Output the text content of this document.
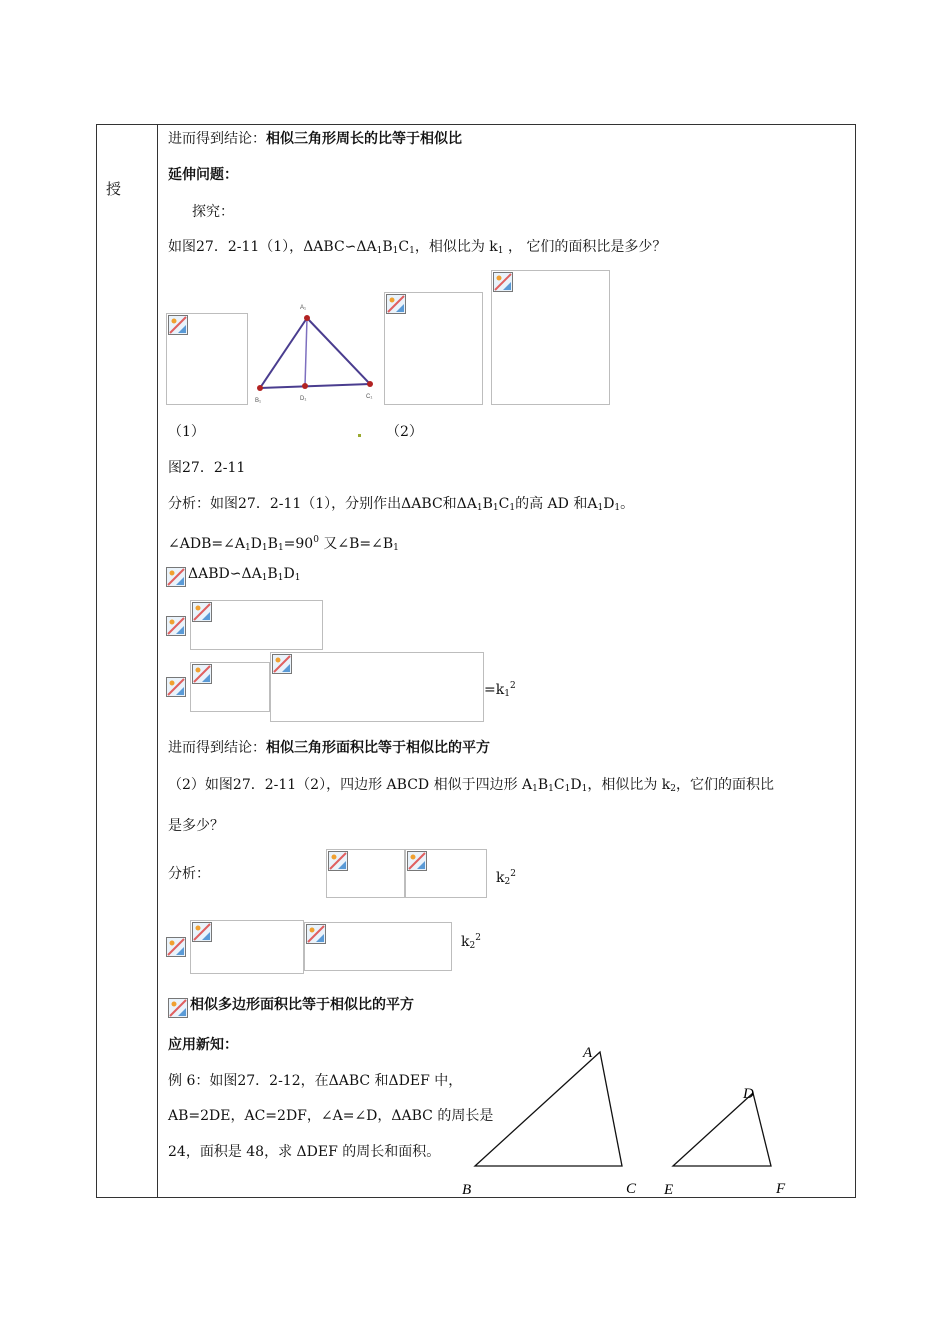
授
进而得到结论：相似三角形周长的比等于相似比
延伸问题：
探究：
如图27．2-11（1），$\Delta ABC∽\Delta A_1B_1C_1$，相似比为 $k_1$ ， 它们的面积比是多少？
A₁
B₁	D₁	C₁
（1）	（2）
图27．2-11
分析：如图27．2-11（1），分别作出ΔABC和$\Delta A_1B_1C_1$的高 AD 和$A_1D_1$。
$\angle ADB=\angle A_1D_1B_1=90^0$ 又$\angle B=\angle B_1$
$\Delta ABD∽\Delta A_1B_1D_1$
$=k_1^2$
进而得到结论：相似三角形面积比等于相似比的平方
（2）如图27．2-11（2），四边形 ABCD 相似于四边形 $A_1B_1C_1D_1$，相似比为 $k_2$，它们的面积比
是多少？
分析：	$k_2^2$
$k_2^2$
相似多边形面积比等于相似比的平方
应用新知：
例 6：如图27．2-12，在ΔABC 和ΔDEF 中，
AB=2DE，AC=2DF，∠A=∠D，ΔABC 的周长是
24，面积是 48，求 ΔDEF 的周长和面积。
A
B	C
D
E	F
